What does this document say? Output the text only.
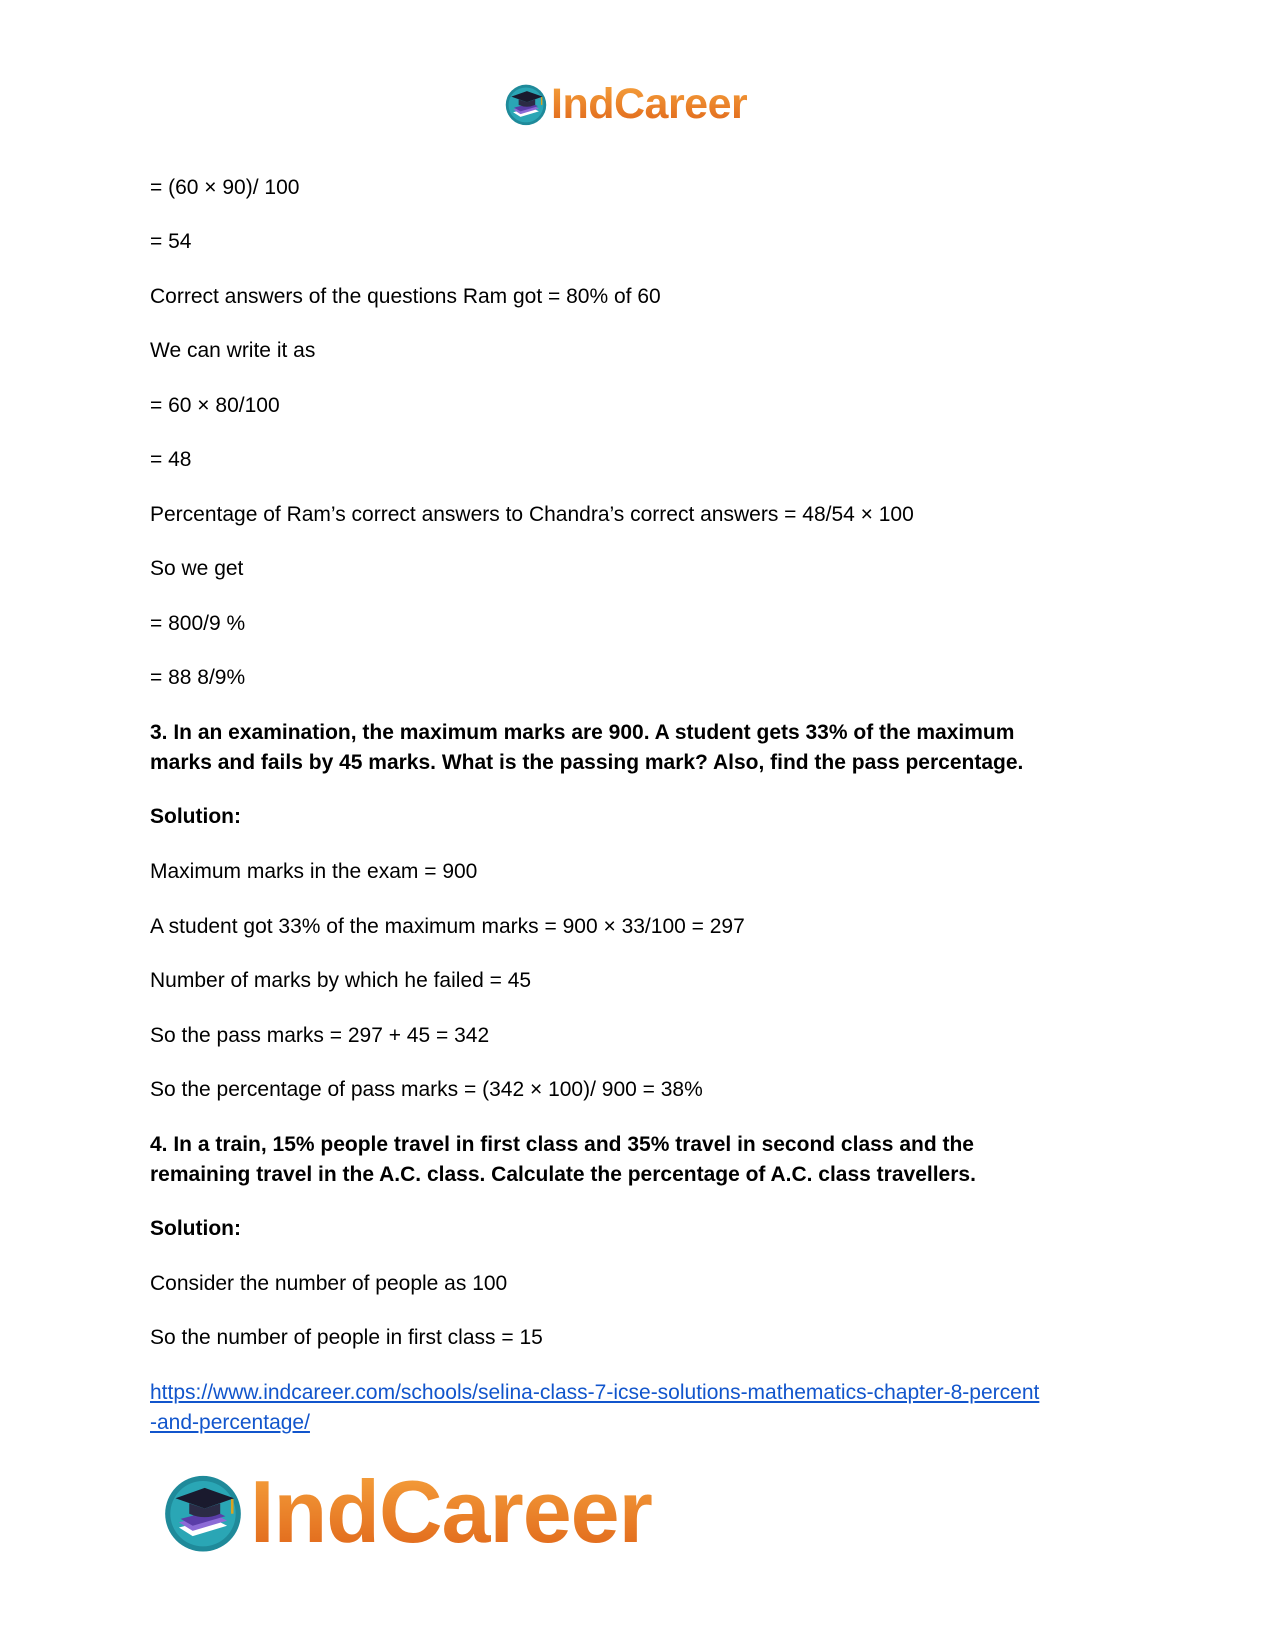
IndCareer
= (60 × 90)/ 100
= 54
Correct answers of the questions Ram got = 80% of 60
We can write it as
= 60 × 80/100
= 48
Percentage of Ram’s correct answers to Chandra’s correct answers = 48/54 × 100
So we get
= 800/9 %
= 88 8/9%
3. In an examination, the maximum marks are 900. A student gets 33% of the maximum
marks and fails by 45 marks. What is the passing mark? Also, find the pass percentage.
Solution:
Maximum marks in the exam = 900
A student got 33% of the maximum marks = 900 × 33/100 = 297
Number of marks by which he failed = 45
So the pass marks = 297 + 45 = 342
So the percentage of pass marks = (342 × 100)/ 900 = 38%
4. In a train, 15% people travel in first class and 35% travel in second class and the
remaining travel in the A.C. class. Calculate the percentage of A.C. class travellers.
Solution:
Consider the number of people as 100
So the number of people in first class = 15
https://www.indcareer.com/schools/selina-class-7-icse-solutions-mathematics-chapter-8-percent
-and-percentage/
IndCareer
